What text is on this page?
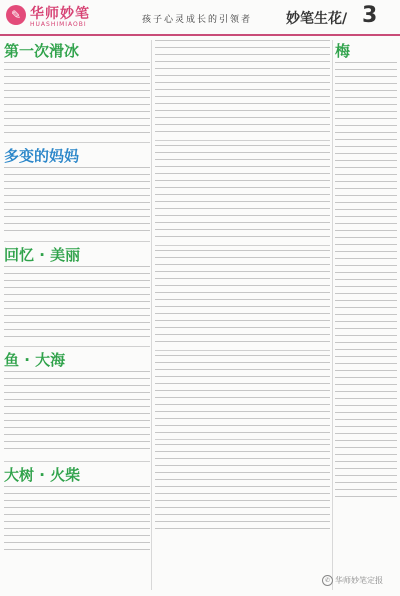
✎ 华师妙笔
HUASHIMIAOBI	孩子心灵成长的引领者 妙笔生花/ 3
第一次滑冰

多变的妈妈

回忆 · 美丽

鱼 · 大海

大树 · 火柴

梅

✆ 华师妙笔定报
